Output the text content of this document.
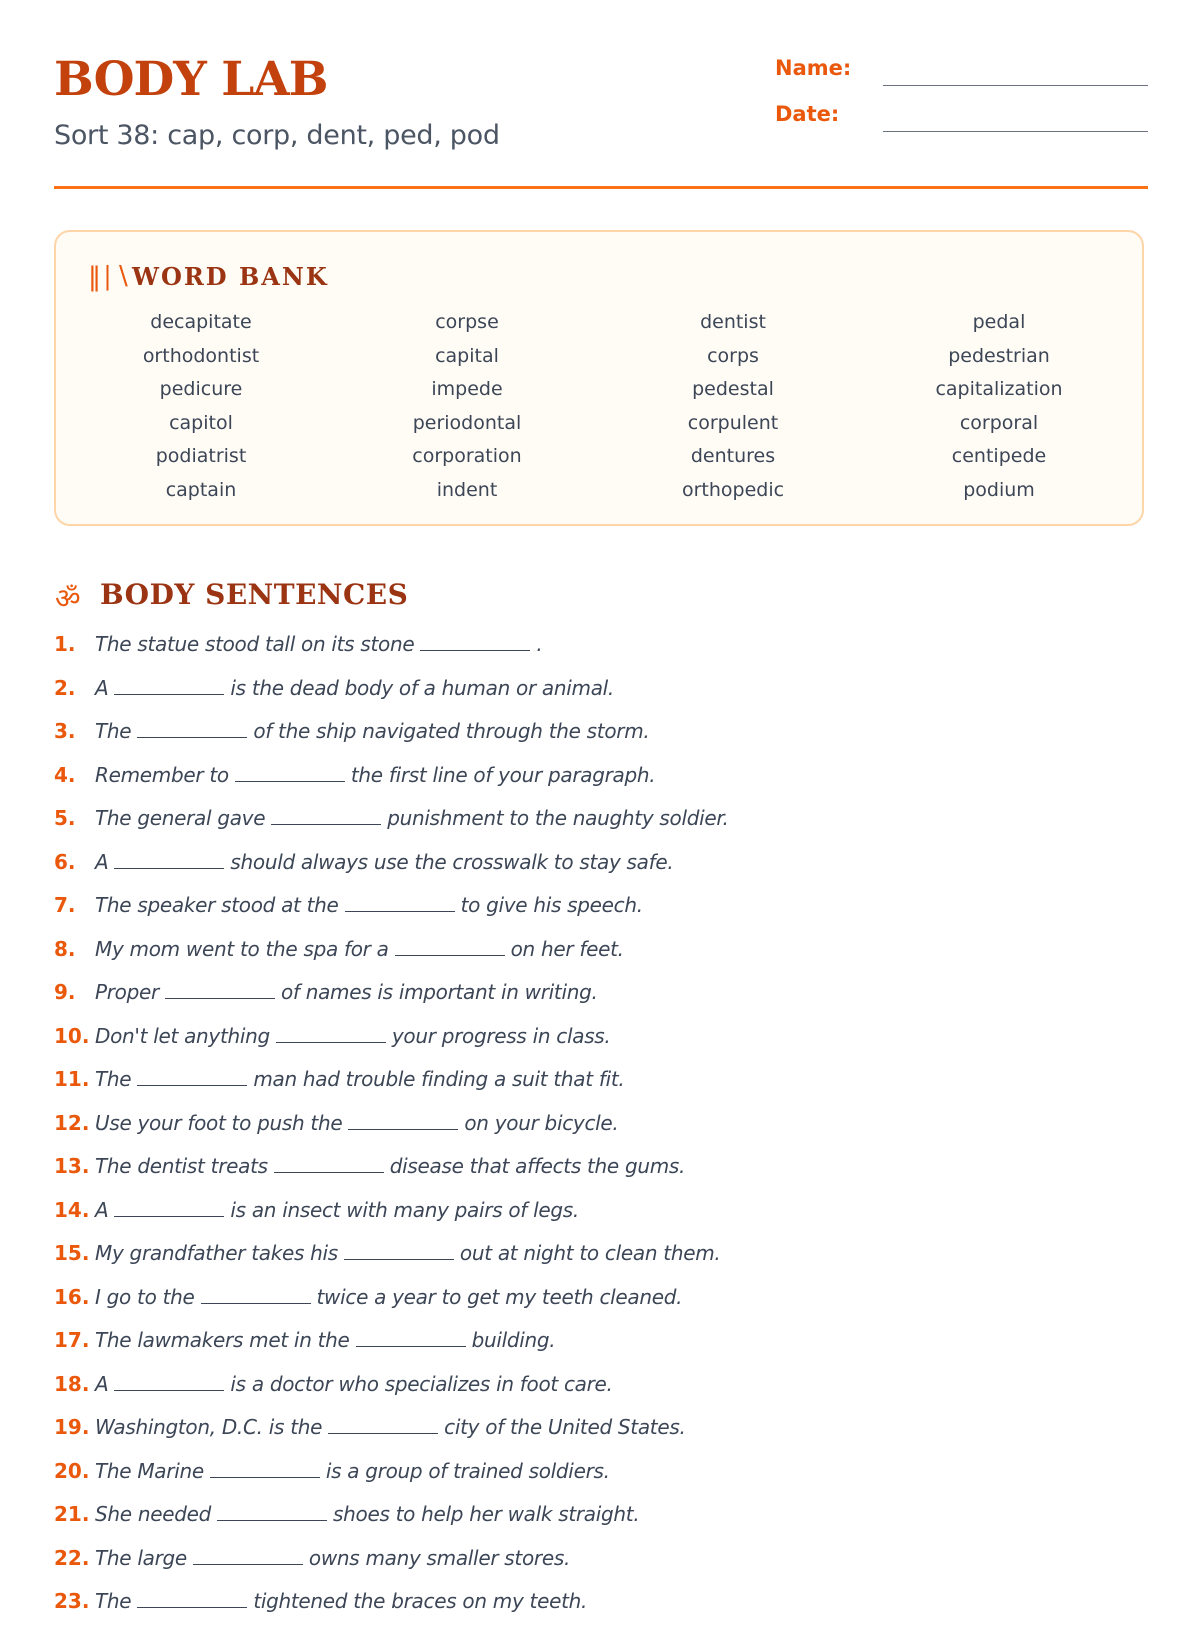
BODY LAB
Sort 38: cap, corp, dent, ped, pod
Name:
Date:
‖∣∖ WORD BANK
decapitate	corpse	dentist	pedal
orthodontist	capital	corps	pedestrian
pedicure	impede	pedestal	capitalization
capitol	periodontal	corpulent	corporal
podiatrist	corporation	dentures	centipede
captain	indent	orthopedic	podium
ॐ BODY SENTENCES
1. The statue stood tall on its stone	.
2. A	is the dead body of a human or animal.
3. The	of the ship navigated through the storm.
4. Remember to	the first line of your paragraph.
5. The general gave	punishment to the naughty soldier.
6. A	should always use the crosswalk to stay safe.
7. The speaker stood at the	to give his speech.
8. My mom went to the spa for a	on her feet.
9. Proper	of names is important in writing.
10. Don't let anything	your progress in class.
11. The	man had trouble finding a suit that fit.
12. Use your foot to push the	on your bicycle.
13. The dentist treats	disease that affects the gums.
14. A	is an insect with many pairs of legs.
15. My grandfather takes his	out at night to clean them.
16. I go to the	twice a year to get my teeth cleaned.
17. The lawmakers met in the	building.
18. A	is a doctor who specializes in foot care.
19. Washington, D.C. is the	city of the United States.
20. The Marine	is a group of trained soldiers.
21. She needed	shoes to help her walk straight.
22. The large	owns many smaller stores.
23. The	tightened the braces on my teeth.
